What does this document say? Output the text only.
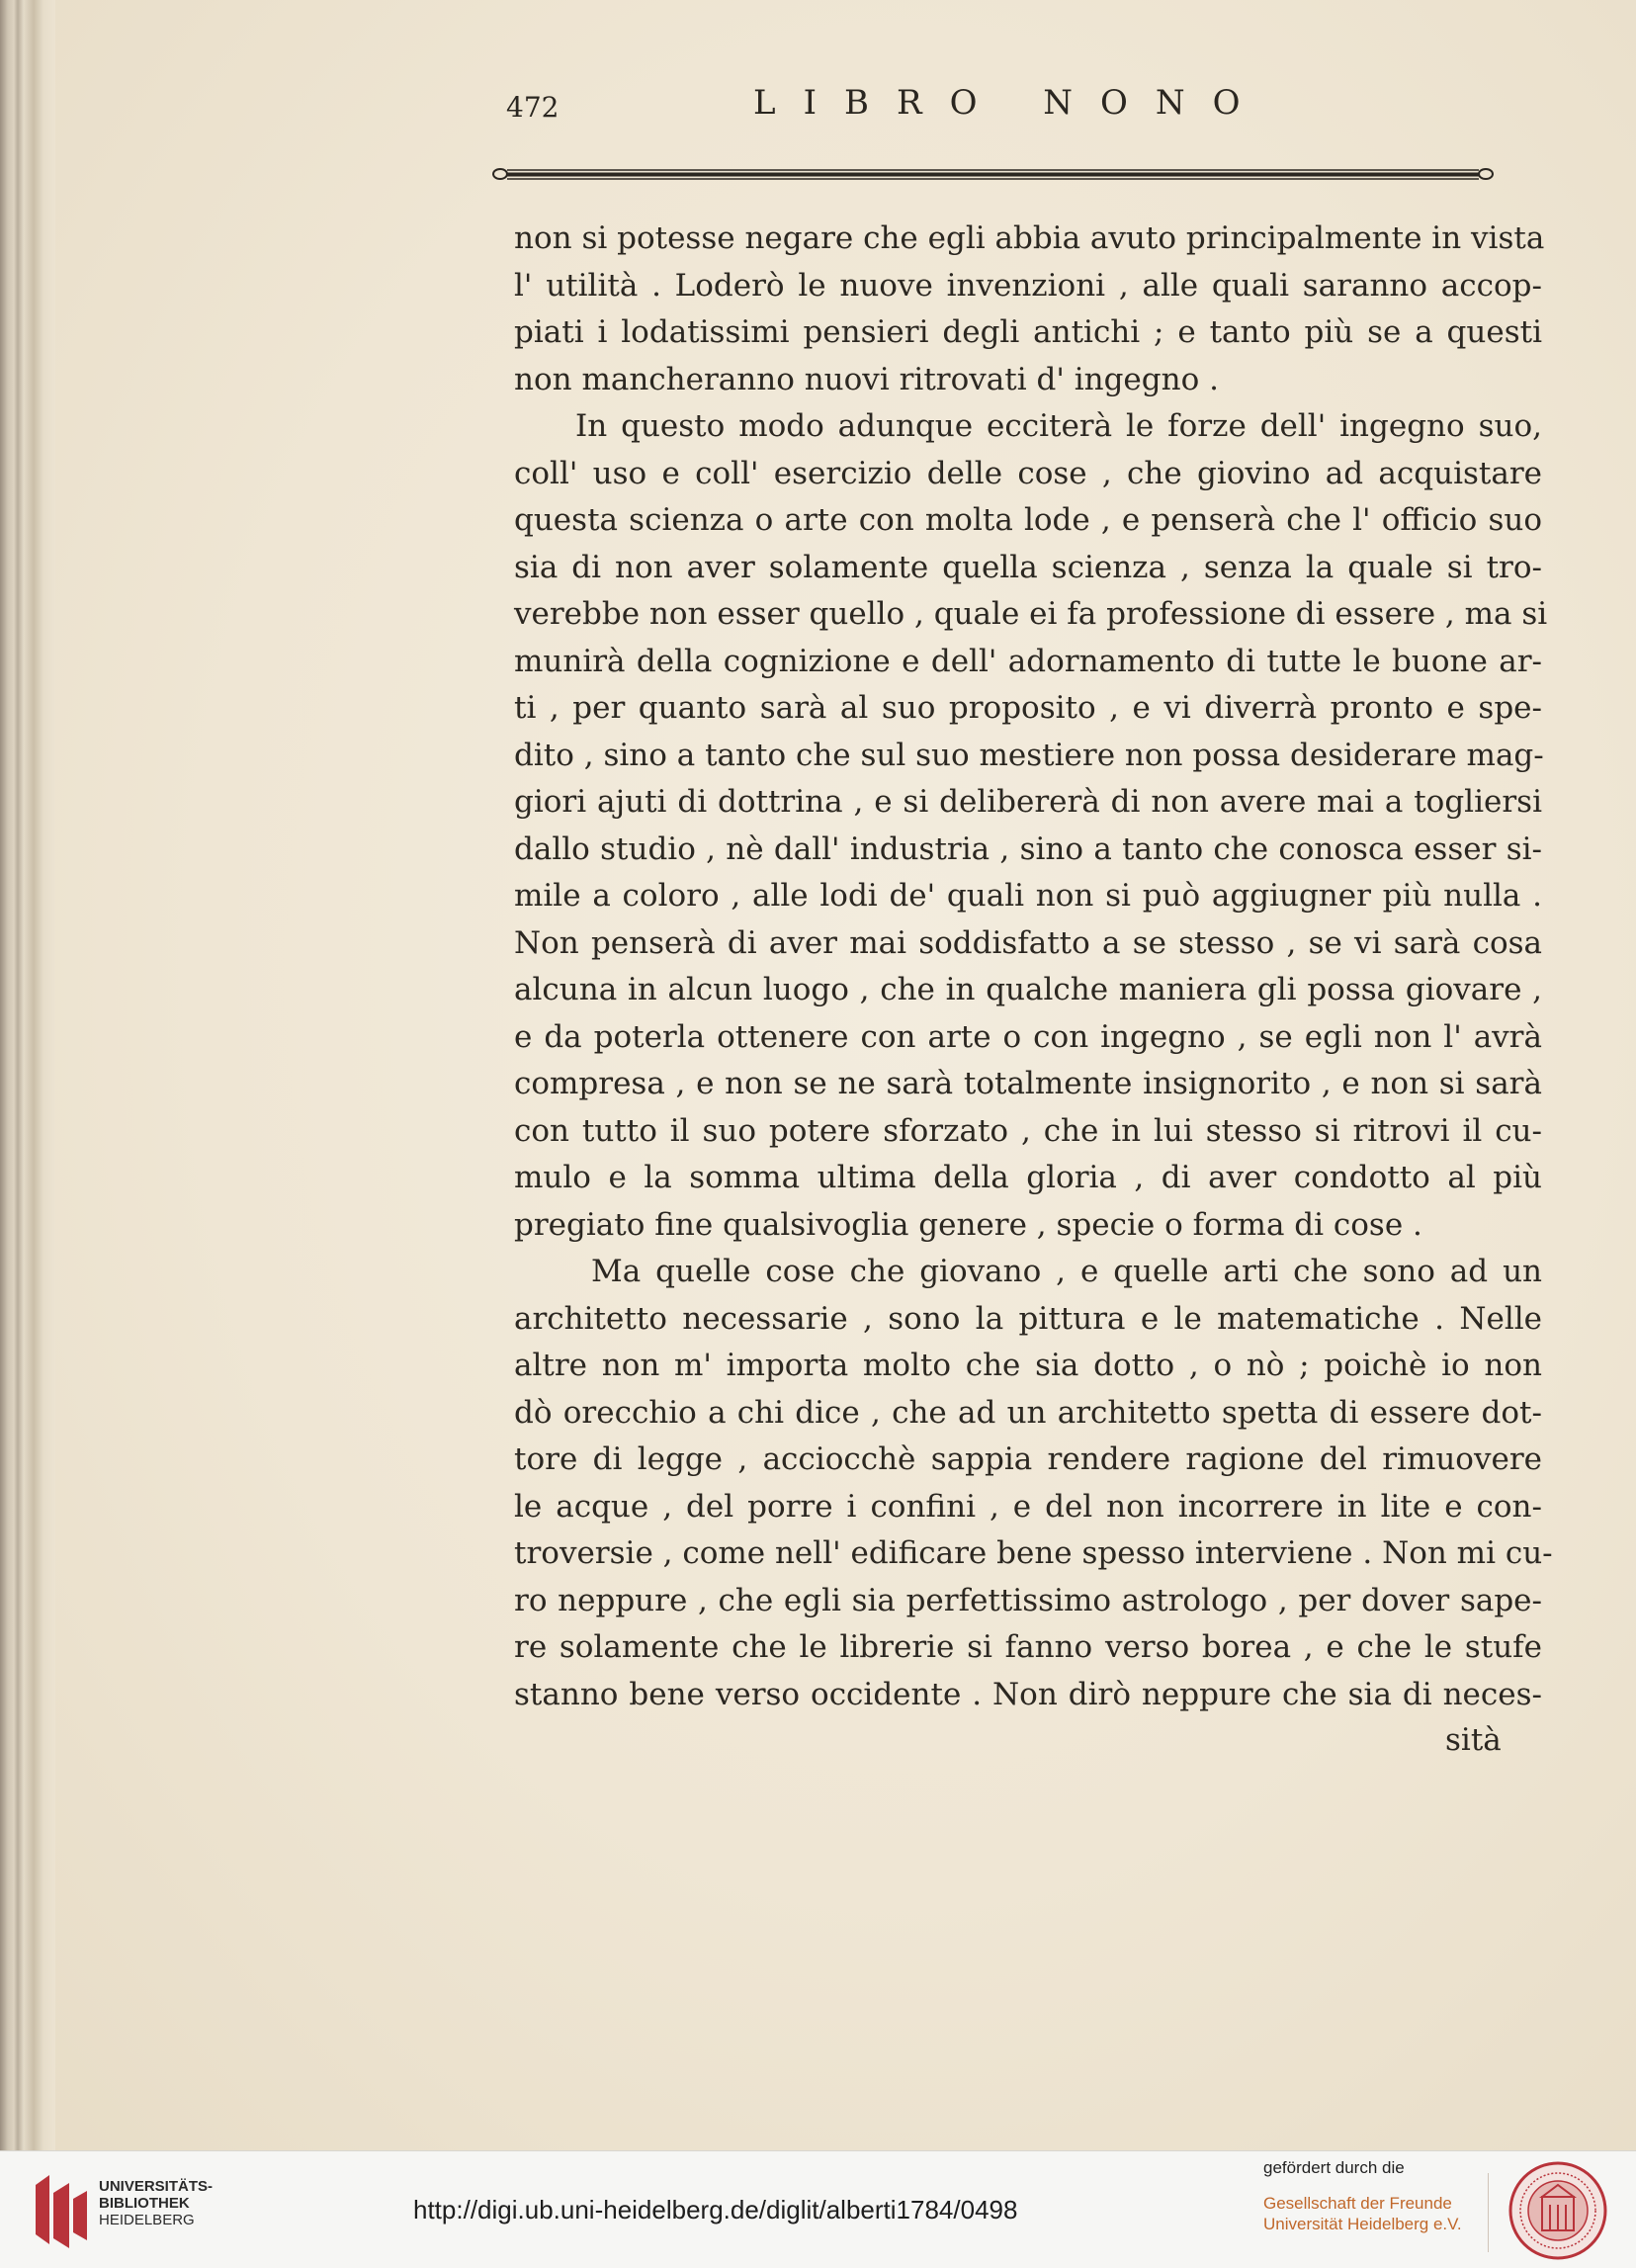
472	LIBRO NONO
non si potesse negare che egli abbia avuto principalmente in vista
l' utilità . Loderò le nuove invenzioni , alle quali saranno accop-
piati i lodatissimi pensieri degli antichi ; e tanto più se a questi
non mancheranno nuovi ritrovati d' ingegno .
In questo modo adunque ecciterà le forze dell' ingegno suo,
coll' uso e coll' esercizio delle cose , che giovino ad acquistare
questa scienza o arte con molta lode , e penserà che l' officio suo
sia di non aver solamente quella scienza , senza la quale si tro-
verebbe non esser quello , quale ei fa professione di essere , ma si
munirà della cognizione e dell' adornamento di tutte le buone ar-
ti , per quanto sarà al suo proposito , e vi diverrà pronto e spe-
dito , sino a tanto che sul suo mestiere non possa desiderare mag-
giori ajuti di dottrina , e si delibererà di non avere mai a togliersi
dallo studio , nè dall' industria , sino a tanto che conosca esser si-
mile a coloro , alle lodi de' quali non si può aggiugner più nulla .
Non penserà di aver mai soddisfatto a se stesso , se vi sarà cosa
alcuna in alcun luogo , che in qualche maniera gli possa giovare ,
e da poterla ottenere con arte o con ingegno , se egli non l' avrà
compresa , e non se ne sarà totalmente insignorito , e non si sarà
con tutto il suo potere sforzato , che in lui stesso si ritrovi il cu-
mulo e la somma ultima della gloria , di aver condotto al più
pregiato fine qualsivoglia genere , specie o forma di cose .
Ma quelle cose che giovano , e quelle arti che sono ad un
architetto necessarie , sono la pittura e le matematiche . Nelle
altre non m' importa molto che sia dotto , o nò ; poichè io non
dò orecchio a chi dice , che ad un architetto spetta di essere dot-
tore di legge , acciocchè sappia rendere ragione del rimuovere
le acque , del porre i confini , e del non incorrere in lite e con-
troversie , come nell' edificare bene spesso interviene . Non mi cu-
ro neppure , che egli sia perfettissimo astrologo , per dover sape-
re solamente che le librerie si fanno verso borea , e che le stufe
stanno bene verso occidente . Non dirò neppure che sia di neces-
sità
UNIVERSITÄTS-
BIBLIOTHEK
HEIDELBERG	http://digi.ub.uni-heidelberg.de/diglit/alberti1784/0498
gefördert durch die
Gesellschaft der Freunde
Universität Heidelberg e.V.
